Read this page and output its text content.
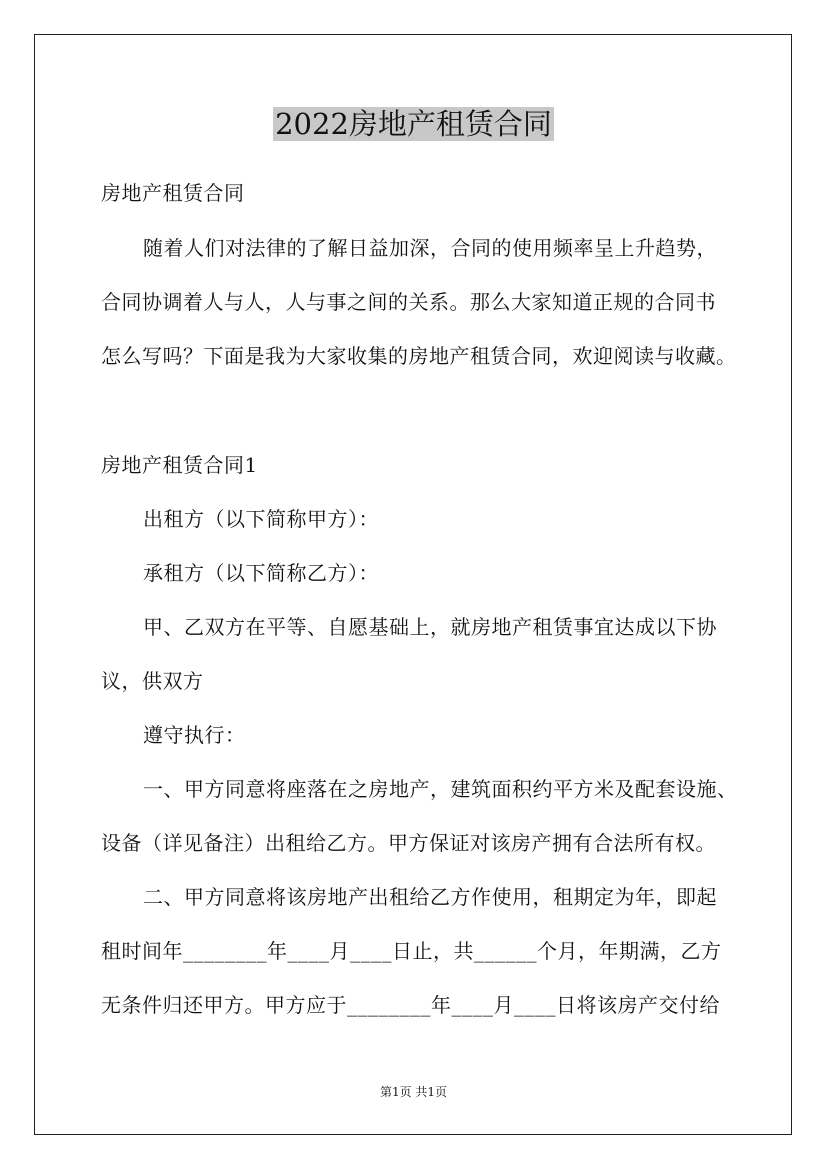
2022房地产租赁合同

房地产租赁合同

随着人们对法律的了解日益加深，合同的使用频率呈上升趋势，

合同协调着人与人，人与事之间的关系。那么大家知道正规的合同书

怎么写吗？下面是我为大家收集的房地产租赁合同，欢迎阅读与收藏。

房地产租赁合同1

出租方（以下简称甲方）：

承租方（以下简称乙方）：

甲、乙双方在平等、自愿基础上，就房地产租赁事宜达成以下协

议，供双方

遵守执行：

一、甲方同意将座落在之房地产，建筑面积约平方米及配套设施、

设备（详见备注）出租给乙方。甲方保证对该房产拥有合法所有权。

二、甲方同意将该房地产出租给乙方作使用，租期定为年，即起

租时间年________年____月____日止，共______个月，年期满，乙方

无条件归还甲方。甲方应于________年____月____日将该房产交付给

第1页 共1页
